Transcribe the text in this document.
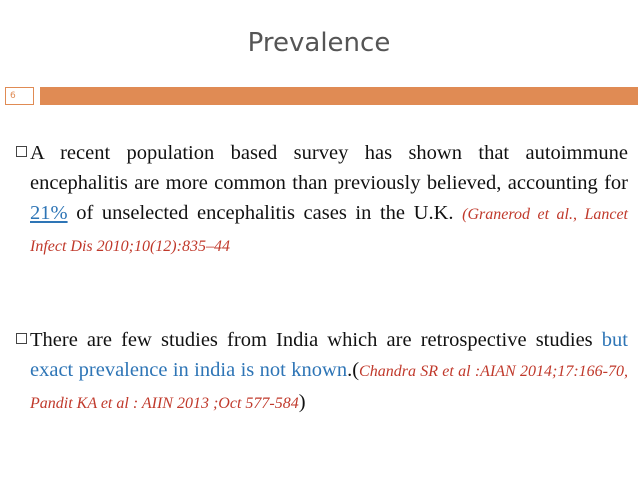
Prevalence
6
A recent population based survey has shown that autoimmune encephalitis are more common than previously believed, accounting for 21% of unselected encephalitis cases in the U.K. (Granerod et al., Lancet Infect Dis 2010;10(12):835–44
There are few studies from India which are retrospective studies but exact prevalence in india is not known.(Chandra SR et al :AIAN 2014;17:166-70, Pandit KA et al : AIIN 2013 ;Oct 577-584)
